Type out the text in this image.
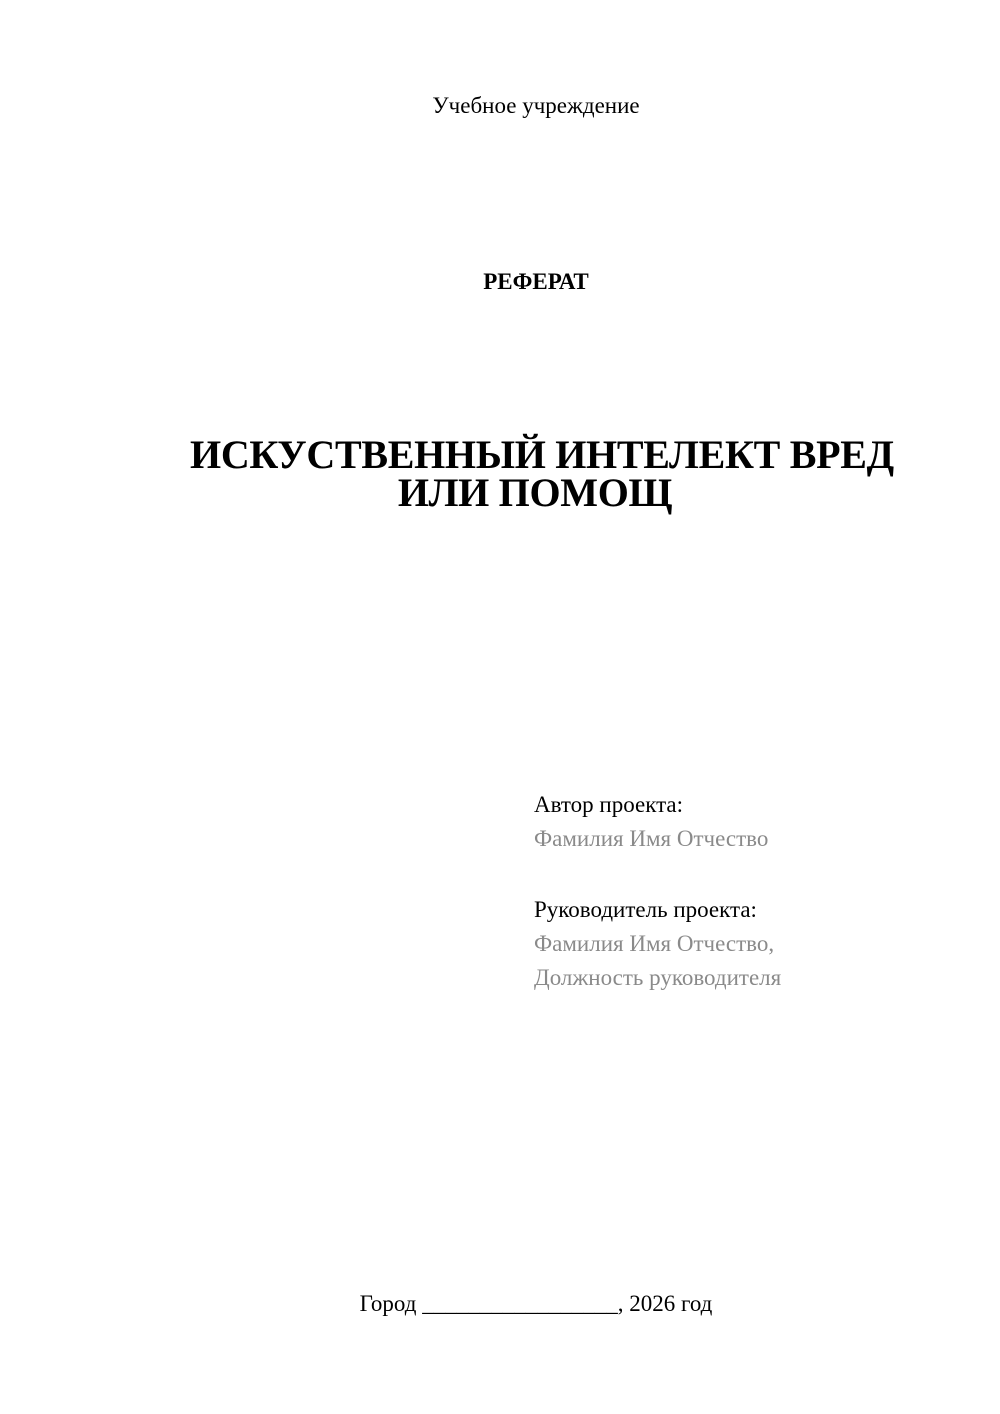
Учебное учреждение
РЕФЕРАТ
ИСКУСТВЕННЫЙ ИНТЕЛЕКТ ВРЕД
ИЛИ ПОМОЩ
Автор проекта:
Фамилия Имя Отчество
Руководитель проекта:
Фамилия Имя Отчество,
Должность руководителя
Город _________________, 2026 год
